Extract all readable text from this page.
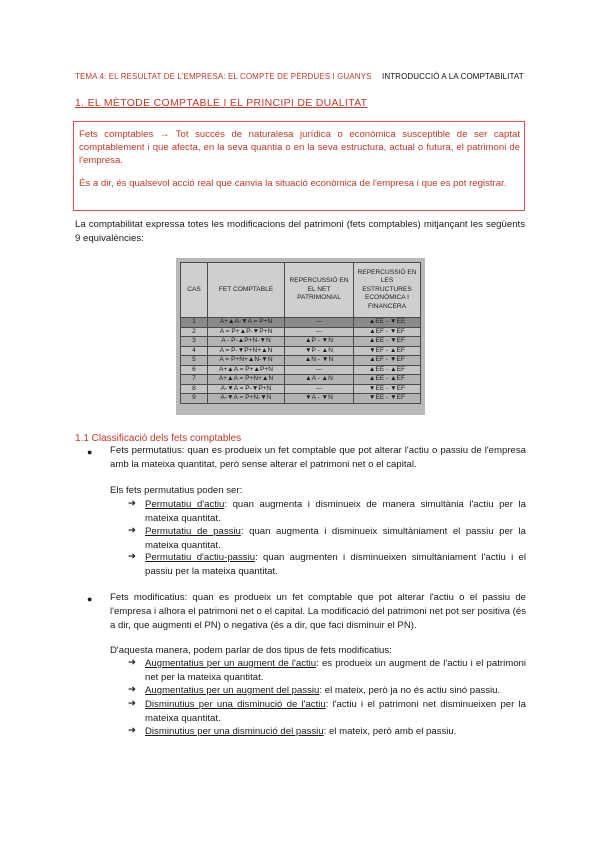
TEMA 4: EL RESULTAT DE L'EMPRESA: EL COMPTE DE PÈRDUES I GUANYS INTRODUCCIÓ A LA COMPTABILITAT
1. EL MÈTODE COMPTABLE I EL PRINCIPI DE DUALITAT

Fets comptables → Tot succés de naturalesa jurídica o econòmica susceptible de ser captat comptablement i que afecta, en la seva quantia o en la seva estructura, actual o futura, el patrimoni de l'empresa.

És a dir, és qualsevol acció real que canvia la situació econòmica de l'empresa i que es pot registrar.

La comptabilitat expressa totes les modificacions del patrimoni (fets comptables) mitjançant les següents 9 equivalències:

CAS	FET COMPTABLE	REPERCUSSIÓ EN EL NET PATRIMONIAL	REPERCUSSIÓ EN LES ESTRUCTURES ECONÒMICA I FINANCERA
1	A+▲A-▼A = P+N	---	▲EE - ▼EE
2	A = P+▲P-▼P+N	---	▲EF - ▼EF
3	A - P-▲P+N-▼N	▲P - ▼N	▲EE - ▼EF
4	A = P-▼P+N+▲N	▼P - ▲N	▼EF - ▲EF
5	A = P+N+▲N-▼N	▲N - ▼N	▲EF - ▼EF
6	A+▲A = P+▲P+N	---	▲EE - ▲EF
7	A+▲A = P+N+▲N	▲A - ▲N	▲EE - ▲EF
8	A-▼A = P-▼P+N	---	▼EE - ▼EF
9	A-▼A = P+N-▼N	▼A - ▼N	▼EE - ▼EF
1.1 Classificació dels fets comptables
● Fets permutatius: quan es produeix un fet comptable que pot alterar l'actiu o passiu de l'empresa amb la mateixa quantitat, però sense alterar el patrimoni net o el capital.

Els fets permutatius poden ser:

➔ Permutatiu d'actiu: quan augmenta i disminueix de manera simultània l'actiu per la mateixa quantitat.

➔ Permutatiu de passiu: quan augmenta i disminueix simultàniament el passiu per la mateixa quantitat.

➔ Permutatiu d'actiu-passiu: quan augmenten i disminueixen simultàniament l'actiu i el passiu per la mateixa quantitat.

● Fets modificatius: quan es produeix un fet comptable que pot alterar l'actiu o el passiu de l'empresa i alhora el patrimoni net o el capital. La modificació del patrimoni net pot ser positiva (és a dir, que augmenti el PN) o negativa (és a dir, que faci disminuir el PN).

D'aquesta manera, podem parlar de dos tipus de fets modificatius:

➔ Augmentatius per un augment de l'actiu: es produeix un augment de l'actiu i el patrimoni net per la mateixa quantitat.

➔ Augmentatius per un augment del passiu: el mateix, però ja no és actiu sinó passiu.

➔ Disminutius per una disminució de l'actiu: l'actiu i el patrimoni net disminueixen per la mateixa quantitat.

➔ Disminutius per una disminució del passiu: el mateix, però amb el passiu.
